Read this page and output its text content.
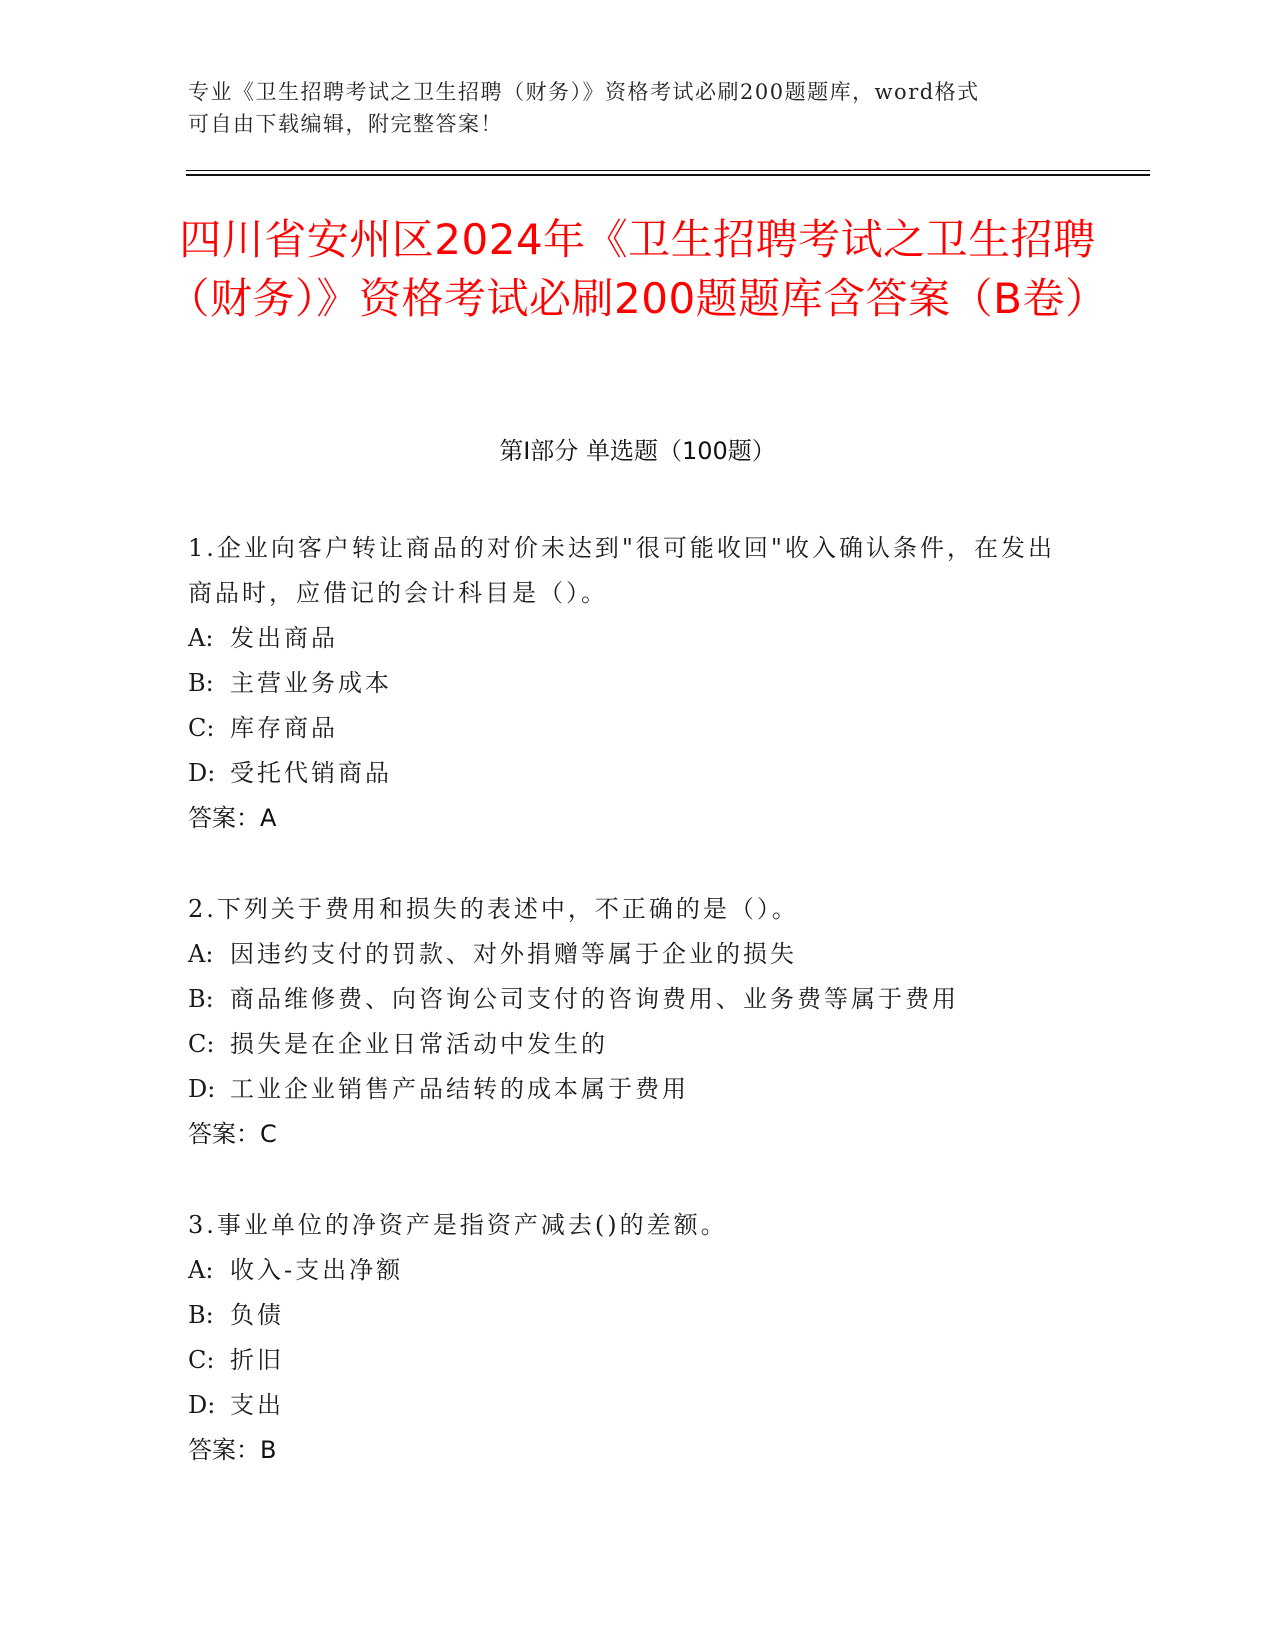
专业《卫生招聘考试之卫生招聘（财务）》资格考试必刷200题题库，word格式
可自由下载编辑，附完整答案！
四川省安州区2024年《卫生招聘考试之卫生招聘（财务）》资格考试必刷200题题库含答案（B卷）
第Ⅰ部分 单选题（100题）

1.企业向客户转让商品的对价未达到"很可能收回"收入确认条件，在发出商品时，应借记的会计科目是（）。

A: 发出商品
B: 主营业务成本
C: 库存商品
D: 受托代销商品
答案：A

2.下列关于费用和损失的表述中，不正确的是（）。

A: 因违约支付的罚款、对外捐赠等属于企业的损失
B: 商品维修费、向咨询公司支付的咨询费用、业务费等属于费用
C: 损失是在企业日常活动中发生的
D: 工业企业销售产品结转的成本属于费用
答案：C

3.事业单位的净资产是指资产减去()的差额。

A: 收入-支出净额
B: 负债
C: 折旧
D: 支出
答案：B
